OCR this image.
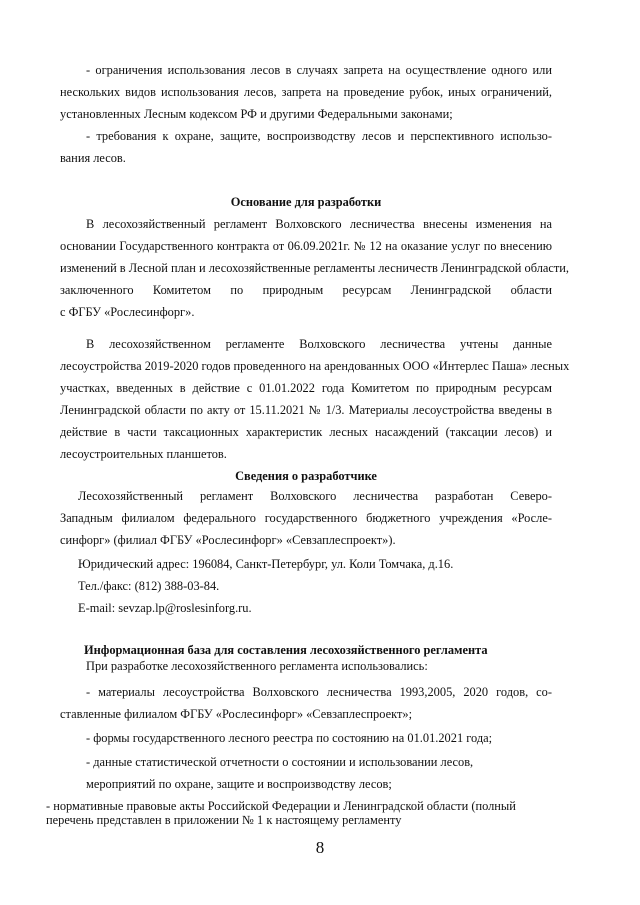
- ограничения использования лесов в случаях запрета на осуществление одного или
нескольких видов использования лесов, запрета на проведение рубок, иных ограничений,
установленных Лесным кодексом РФ и другими Федеральными законами;
- требования к охране, защите, воспроизводству лесов и перспективного использо-
вания лесов.
Основание для разработки
В лесохозяйственный регламент Волховского лесничества внесены изменения на
основании Государственного контракта от 06.09.2021г. № 12 на оказание услуг по внесению
изменений в Лесной план и лесохозяйственные регламенты лесничеств Ленинградской области,
заключенного Комитетом по природным ресурсам Ленинградской области
с ФГБУ «Рослесинфорг».
В лесохозяйственном регламенте Волховского лесничества учтены данные
лесоустройства 2019-2020 годов проведенного на арендованных ООО «Интерлес Паша» лесных
участках, введенных в действие с 01.01.2022 года Комитетом по природным ресурсам
Ленинградской области по акту от 15.11.2021 № 1/3. Материалы лесоустройства введены в
действие в части таксационных характеристик лесных насаждений (таксации лесов) и
лесоустроительных планшетов.
Сведения о разработчике
Лесохозяйственный регламент Волховского лесничества разработан Северо-
Западным филиалом федерального государственного бюджетного учреждения «Росле-
синфорг» (филиал ФГБУ «Рослесинфорг» «Севзаплеспроект»).
Юридический адрес: 196084, Санкт-Петербург, ул. Коли Томчака, д.16.
Тел./факс: (812) 388-03-84.
E-mail: sevzap.lp@roslesinforg.ru.
Информационная база для составления лесохозяйственного регламента
При разработке лесохозяйственного регламента использовались:
- материалы лесоустройства Волховского лесничества 1993,2005, 2020 годов, со-
ставленные филиалом ФГБУ «Рослесинфорг» «Севзаплеспроект»;
- формы государственного лесного реестра по состоянию на 01.01.2021 года;
- данные статистической отчетности о состоянии и использовании лесов,
мероприятий по охране, защите и воспроизводству лесов;
- нормативные правовые акты Российской Федерации и Ленинградской области (полный
перечень представлен в приложении № 1 к настоящему регламенту
8
